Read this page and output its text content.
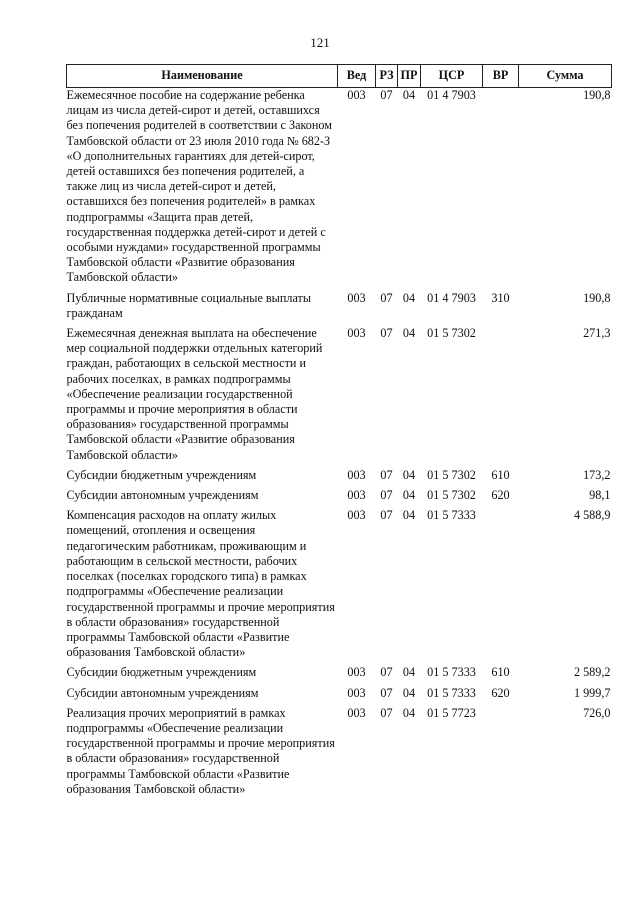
121
Наименование	Вед	РЗ	ПР	ЦСР	ВР	Сумма
Ежемесячное пособие на содержание ребенка лицам из числа детей-сирот и детей, оставшихся без попечения родителей в соответствии с Законом Тамбовской области от 23 июля 2010 года № 682-З «О дополнительных гарантиях для детей-сирот, детей оставшихся без попечения родителей, а также лиц из числа детей-сирот и детей, оставшихся без попечения родителей» в рамках подпрограммы «Защита прав детей, государственная поддержка детей-сирот и детей с особыми нуждами» государственной программы Тамбовской области «Развитие образования Тамбовской области»	003	07	04	01 4 7903		190,8
Публичные нормативные социальные выплаты гражданам	003	07	04	01 4 7903	310	190,8
Ежемесячная денежная выплата на обеспечение мер социальной поддержки отдельных категорий граждан, работающих в сельской местности и рабочих поселках, в рамках подпрограммы «Обеспечение реализации государственной программы и прочие мероприятия в области образования» государственной программы Тамбовской области «Развитие образования Тамбовской области»	003	07	04	01 5 7302		271,3
Субсидии бюджетным учреждениям	003	07	04	01 5 7302	610	173,2
Субсидии автономным учреждениям	003	07	04	01 5 7302	620	98,1
Компенсация расходов на оплату жилых помещений, отопления и освещения педагогическим работникам, проживающим и работающим в сельской местности, рабочих поселках (поселках городского типа) в рамках подпрограммы «Обеспечение реализации государственной программы и прочие мероприятия в области образования» государственной программы Тамбовской области «Развитие образования Тамбовской области»	003	07	04	01 5 7333		4 588,9
Субсидии бюджетным учреждениям	003	07	04	01 5 7333	610	2 589,2
Субсидии автономным учреждениям	003	07	04	01 5 7333	620	1 999,7
Реализация прочих мероприятий в рамках подпрограммы «Обеспечение реализации государственной программы и прочие мероприятия в области образования» государственной программы Тамбовской области «Развитие образования Тамбовской области»	003	07	04	01 5 7723		726,0
